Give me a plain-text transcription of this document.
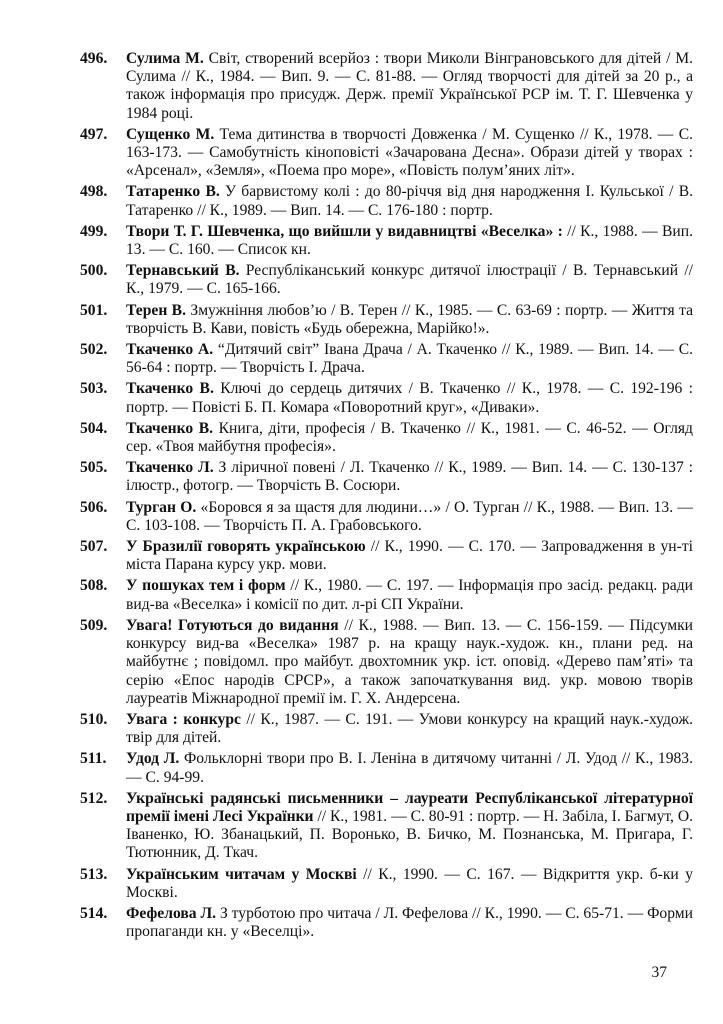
496.	Сулима М. Світ, створений всерйоз : твори Миколи Вінграновського для дітей / М. Сулима // К., 1984. — Вип. 9. — С. 81-88. — Огляд творчості для дітей за 20 р., а також інформація про присудж. Держ. премії Української РСР ім. Т. Г. Шевченка у 1984 році.
497.	Сущенко М. Тема дитинства в творчості Довженка / М. Сущенко // К., 1978. — С. 163-173. — Самобутність кіноповісті «Зачарована Десна». Образи дітей у творах : «Арсенал», «Земля», «Поема про море», «Повість полум’яних літ».
498.	Татаренко В. У барвистому колі : до 80-річчя від дня народження І. Кульської / В. Татаренко // К., 1989. — Вип. 14. — С. 176-180 : портр.
499.	Твори Т. Г. Шевченка, що вийшли у видавництві «Веселка» : // К., 1988. — Вип. 13. — С. 160. — Список кн.
500.	Тернавський В. Республіканський конкурс дитячої ілюстрації / В. Тернавський // К., 1979. — С. 165-166.
501.	Терен В. Змужніння любов’ю / В. Терен // К., 1985. — С. 63-69 : портр. — Життя та творчість В. Кави, повість «Будь обережна, Марійко!».
502.	Ткаченко А. “Дитячий світ” Івана Драча / А. Ткаченко // К., 1989. — Вип. 14. — С. 56-64 : портр. — Творчість І. Драча.
503.	Ткаченко В. Ключі до сердець дитячих / В. Ткаченко // К., 1978. — С. 192-196 : портр. — Повісті Б. П. Комара «Поворотний круг», «Диваки».
504.	Ткаченко В. Книга, діти, професія / В. Ткаченко // К., 1981. — С. 46-52. — Огляд сер. «Твоя майбутня професія».
505.	Ткаченко Л. З ліричної повені / Л. Ткаченко // К., 1989. — Вип. 14. — С. 130-137 : ілюстр., фотогр. — Творчість В. Сосюри.
506.	Турган О. «Боровся я за щастя для людини…» / О. Турган // К., 1988. — Вип. 13. — С. 103-108. — Творчість П. А. Грабовського.
507.	У Бразилії говорять українською // К., 1990. — С. 170. — Запровадження в ун-ті міста Парана курсу укр. мови.
508.	У пошуках тем і форм // К., 1980. — С. 197. — Інформація про засід. редакц. ради вид-ва «Веселка» і комісії по дит. л-рі СП України.
509.	Увага! Готуються до видання // К., 1988. — Вип. 13. — С. 156-159. — Підсумки конкурсу вид-ва «Веселка» 1987 р. на кращу наук.-худож. кн., плани ред. на майбутнє ; повідомл. про майбут. двохтомник укр. іст. оповід. «Дерево пам’яті» та серію «Епос народів СРСР», а також започаткування вид. укр. мовою творів лауреатів Міжнародної премії ім. Г. Х. Андерсена.
510.	Увага : конкурс // К., 1987. — С. 191. — Умови конкурсу на кращий наук.-худож. твір для дітей.
511.	Удод Л. Фольклорні твори про В. І. Леніна в дитячому читанні / Л. Удод // К., 1983. — С. 94-99.
512.	Українські радянські письменники – лауреати Республіканської літературної премії імені Лесі Українки // К., 1981. — С. 80-91 : портр. — Н. Забіла, І. Багмут, О. Іваненко, Ю. Збанацький, П. Воронько, В. Бичко, М. Познанська, М. Пригара, Г. Тютюнник, Д. Ткач.
513.	Українським читачам у Москві // К., 1990. — С. 167. — Відкриття укр. б-ки у Москві.
514.	Фефелова Л. З турботою про читача / Л. Фефелова // К., 1990. — С. 65-71. — Форми пропаганди кн. у «Веселці».
37
